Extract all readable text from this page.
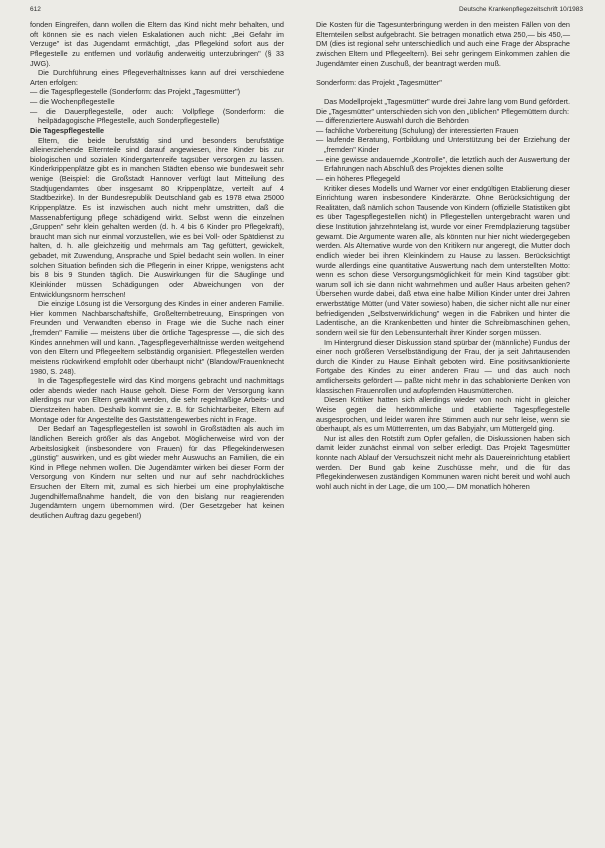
612	Deutsche Krankenpflegezeitschrift 10/1983

fonden Eingreifen, dann wollen die Eltern das Kind nicht mehr behalten, und oft können sie es nach vielen Eskalationen auch nicht: „Bei Gefahr im Verzuge" ist das Jugendamt ermächtigt, „das Pflegekind sofort aus der Pflegestelle zu entfernen und vorläufig anderweitig unterzubringen" (§ 33 JWG).

Die Durchführung eines Pflegeverhältnisses kann auf drei verschiedene Arten erfolgen:

— die Tagespflegestelle (Sonderform: das Projekt „Tagesmütter")

— die Wochenpflegestelle

— die Dauerpflegestelle, oder auch: Vollpflege (Sonderform: die heilpädagogische Pflegestelle, auch Sonderpflegestelle)

Die Tagespflegestelle

Eltern, die beide berufstätig sind und besonders berufstätige alleinerziehende Elternteile sind darauf angewiesen, ihre Kinder bis zur biologischen und sozialen Kindergartenreife tagsüber versorgen zu lassen. Kinderkrippenplätze gibt es in manchen Städten ebenso wie bundesweit sehr wenige (Beispiel: die Großstadt Hannover verfügt laut Mitteilung des Stadtjugendamtes über insgesamt 80 Krippenplätze, verteilt auf 4 Stadtbezirke). In der Bundesrepublik Deutschland gab es 1978 etwa 25000 Krippenplätze. Es ist inzwischen auch nicht mehr umstritten, daß die Massenabfertigung pflege schädigend wirkt. Selbst wenn die einzelnen „Gruppen" sehr klein gehalten werden (d. h. 4 bis 6 Kinder pro Pflegekraft), braucht man sich nur einmal vorzustellen, wie es bei Voll- oder Spätdienst zu halten, d. h. alle gleichzeitig und mehrmals am Tag gefüttert, gewickelt, gebadet, mit Zuwendung, Ansprache und Spiel bedacht sein wollen. In einer solchen Situation befinden sich die Pflegerin in einer Krippe, wenigstens acht bis 8 bis 9 Stunden täglich. Die Auswirkungen für die Säuglinge und Kleinkinder müssen Schädigungen oder Abweichungen von der Entwicklungsnorm herrschen!

Die einzige Lösung ist die Versorgung des Kindes in einer anderen Familie. Hier kommen Nachbarschaftshilfe, Großelternbetreuung, Einspringen von Freunden und Verwandten ebenso in Frage wie die Suche nach einer „fremden" Familie — meistens über die örtliche Tagespresse —, die sich des Kindes annehmen will und kann. „Tagespflegeverhältnisse werden weitgehend von den Eltern und Pflegeeltern selbständig organisiert. Pflegestellen werden meistens rückwirkend empfohlt oder überhaupt nicht" (Blandow/Frauenknecht 1980, S. 248).

In die Tagespflegestelle wird das Kind morgens gebracht und nachmittags oder abends wieder nach Hause geholt. Diese Form der Versorgung kann allerdings nur von Eltern gewählt werden, die sehr regelmäßige Arbeits- und Dienstzeiten haben. Deshalb kommt sie z. B. für Schichtarbeiter, Eltern auf Montage oder für Angestellte des Gaststättengewerbes nicht in Frage.

Der Bedarf an Tagespflegestellen ist sowohl in Großstädten als auch im ländlichen Bereich größer als das Angebot. Möglicherweise wird von der Arbeitslosigkeit (insbesondere von Frauen) für das Pflegekinderwesen „günstig" auswirken, und es gibt wieder mehr Auswuchs an Familien, die ein Kind in Pflege nehmen wollen. Die Jugendämter wirken bei dieser Form der Versorgung von Kindern nur selten und nur auf sehr nachdrückliches Ersuchen der Eltern mit, zumal es sich hierbei um eine prophylaktische Jugendhilfemaßnahme handelt, die von den bislang nur reagierenden Jugendämtern ungern übernommen wird. (Der Gesetzgeber hat keinen deutlichen Auftrag dazu gegeben!)

Die Kosten für die Tagesunterbringung werden in den meisten Fällen von den Elternteilen selbst aufgebracht. Sie betragen monatlich etwa 250,— bis 450,— DM (dies ist regional sehr unterschiedlich und auch eine Frage der Absprache zwischen Eltern und Pflegeeltern). Bei sehr geringem Einkommen zahlen die Jugendämter einen Zuschuß, der beantragt werden muß.

Sonderform: das Projekt „Tagesmütter"

Das Modellprojekt „Tagesmütter" wurde drei Jahre lang vom Bund gefördert. Die „Tagesmütter" unterschieden sich von den „üblichen" Pflegemüttern durch:

— differenziertere Auswahl durch die Behörden

— fachliche Vorbereitung (Schulung) der interessierten Frauen

— laufende Beratung, Fortbildung und Unterstützung bei der Erziehung der „fremden" Kinder

— eine gewisse andauernde „Kontrolle", die letztlich auch der Auswertung der Erfahrungen nach Abschluß des Projektes dienen sollte

— ein höheres Pflegegeld

Kritiker dieses Modells und Warner vor einer endgültigen Etablierung dieser Einrichtung waren insbesondere Kinderärzte. Ohne Berücksichtigung der Realitäten, daß nämlich schon Tausende von Kindern (offizielle Statistiken gibt es über Tagespflegestellen nicht) in Pflegestellen untergebracht waren und diese Institution jahrzehntelang ist, wurde vor einer Fremdplazierung tagsüber gewarnt. Die Argumente waren alle, als könnten nur hier nicht wiedergegeben werden. Als Alternative wurde von den Kritikern nur angeregt, die Mutter doch endlich wieder bei ihren Kleinkindern zu Hause zu lassen. Berücksichtigt wurde allerdings eine quantitative Auswertung nach dem unterstellten Motto: wenn es schon diese Versorgungsmöglichkeit für mein Kind tagsüber gibt: warum soll ich sie dann nicht wahrnehmen und außer Haus arbeiten gehen? Übersehen wurde dabei, daß etwa eine halbe Million Kinder unter drei Jahren erwerbstätige Mütter (und Väter sowieso) haben, die sicher nicht alle nur einer befriedigenden „Selbstverwirklichung" wegen in die Fabriken und hinter die Ladentische, an die Krankenbetten und hinter die Schreibmaschinen gehen, sondern weil sie für den Lebensunterhalt ihrer Kinder sorgen müssen.

Im Hintergrund dieser Diskussion stand spürbar der (männliche) Fundus der einer noch größeren Verselbständigung der Frau, der ja seit Jahrtausenden durch die Kinder zu Hause Einhalt geboten wird. Eine positivsanktionierte Fortgabe des Kindes zu einer anderen Frau — und das auch noch amtlicherseits gefördert — paßte nicht mehr in das schablonierte Denken von klassischen Frauenrollen und aufopfernden Hausmütterchen.

Diesen Kritiker hatten sich allerdings wieder von noch nicht in gleicher Weise gegen die herkömmliche und etablierte Tagespflegestelle ausgesprochen, und leider waren ihre Stimmen auch nur sehr leise, wenn sie überhaupt, als es um Mütterrenten, um das Babyjahr, um Müttergeld ging.

Nur ist alles den Rotstift zum Opfer gefallen, die Diskussionen haben sich damit leider zunächst einmal von selber erledigt. Das Projekt Tagesmütter konnte nach Ablauf der Versuchszeit nicht mehr als Dauereinrichtung etabliert werden. Der Bund gab keine Zuschüsse mehr, und die für das Pflegekinderwesen zuständigen Kommunen waren nicht bereit und wohl auch wohl auch nicht in der Lage, die um 100,— DM monatlich höheren
